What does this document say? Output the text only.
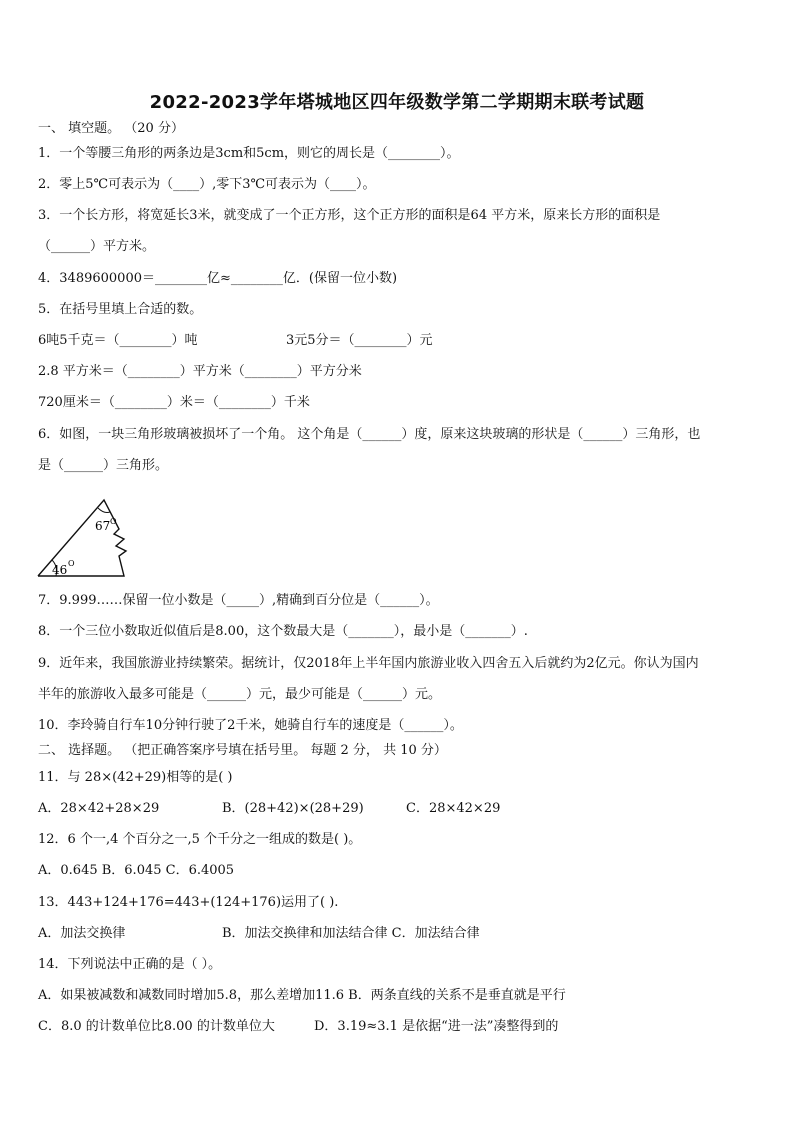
2022-2023学年塔城地区四年级数学第二学期期末联考试题
一、 填空题。 （20 分）
1．一个等腰三角形的两条边是3cm和5cm，则它的周长是（________）。
2．零上5℃可表示为（____）,零下3℃可表示为（____）。
3．一个长方形，将宽延长3米，就变成了一个正方形，这个正方形的面积是64 平方米，原来长方形的面积是
（______）平方米。
4．3489600000＝________亿≈________亿．(保留一位小数)
5．在括号里填上合适的数。
6吨5千克＝（________）吨	3元5分＝（________）元
2.8 平方米＝（________）平方米（________）平方分米
720厘米＝（________）米＝（________）千米
6．如图，一块三角形玻璃被损坏了一个角。 这个角是（______）度，原来这块玻璃的形状是（______）三角形，也
是（______）三角形。
67 O
46 O
7．9.999……保留一位小数是（_____）,精确到百分位是（______）。
8．一个三位小数取近似值后是8.00，这个数最大是（_______），最小是（_______）.
9．近年来，我国旅游业持续繁荣。据统计，仅2018年上半年国内旅游业收入四舍五入后就约为2亿元。你认为国内
半年的旅游收入最多可能是（______）元，最少可能是（______）元。
10．李玲骑自行车10分钟行驶了2千米，她骑自行车的速度是（______）。
二、 选择题。 （把正确答案序号填在括号里。 每题 2 分， 共 10 分）
11．与 28×(42+29)相等的是( )
A．28×42+28×29	B．(28+42)×(28+29)	C．28×42×29
12．6 个一,4 个百分之一,5 个千分之一组成的数是( )。
A．0.645 B．6.045 C．6.4005
13．443+124+176=443+(124+176)运用了( ).
A．加法交换律	B．加法交换律和加法结合律 C．加法结合律
14．下列说法中正确的是（ ）。
A．如果被减数和减数同时增加5.8，那么差增加11.6 B．两条直线的关系不是垂直就是平行
C．8.0 的计数单位比8.00 的计数单位大	D．3.19≈3.1 是依据“进一法”凑整得到的
